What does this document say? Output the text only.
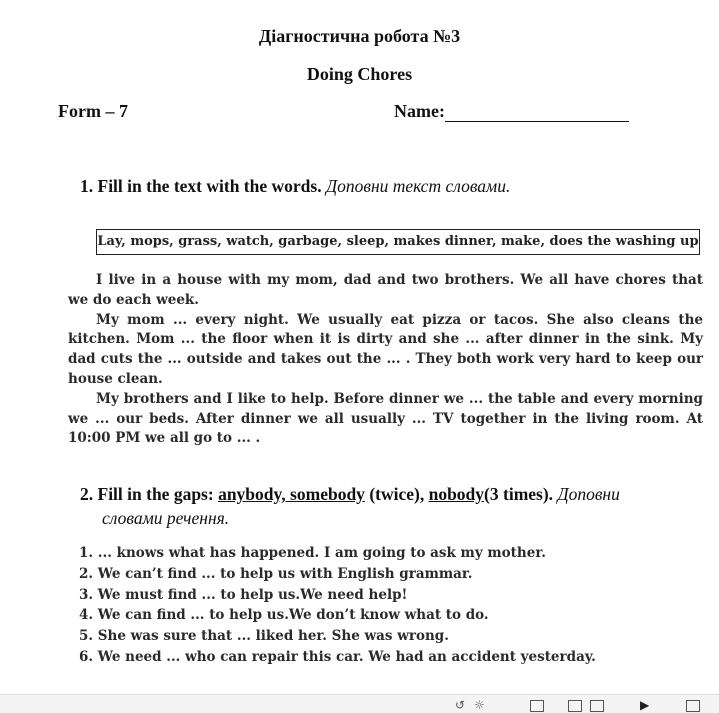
Діагностична робота №3
Doing Chores
Form – 7	Name:
1. Fill in the text with the words. Доповни текст словами.
Lay, mops, grass, watch, garbage, sleep, makes dinner, make, does the washing up

I live in a house with my mom, dad and two brothers. We all have chores that we do each week.

My mom ... every night. We usually eat pizza or tacos. She also cleans the kitchen. Mom ... the floor when it is dirty and she ... after dinner in the sink. My dad cuts the ... outside and takes out the ... . They both work very hard to keep our house clean.

My brothers and I like to help. Before dinner we ... the table and every morning we ... our beds. After dinner we all usually ... TV together in the living room. At 10:00 PM we all go to ... .

2. Fill in the gaps: anybody, somebody (twice), nobody(3 times). Доповни
словами речення.
1. ... knows what has happened. I am going to ask my mother.
2. We can’t find ... to help us with English grammar.
3. We must find ... to help us.We need help!
4. We can find ... to help us.We don’t know what to do.
5. She was sure that ... liked her. She was wrong.
6. We need ... who can repair this car. We had an accident yesterday.
↺ ☼	▶
